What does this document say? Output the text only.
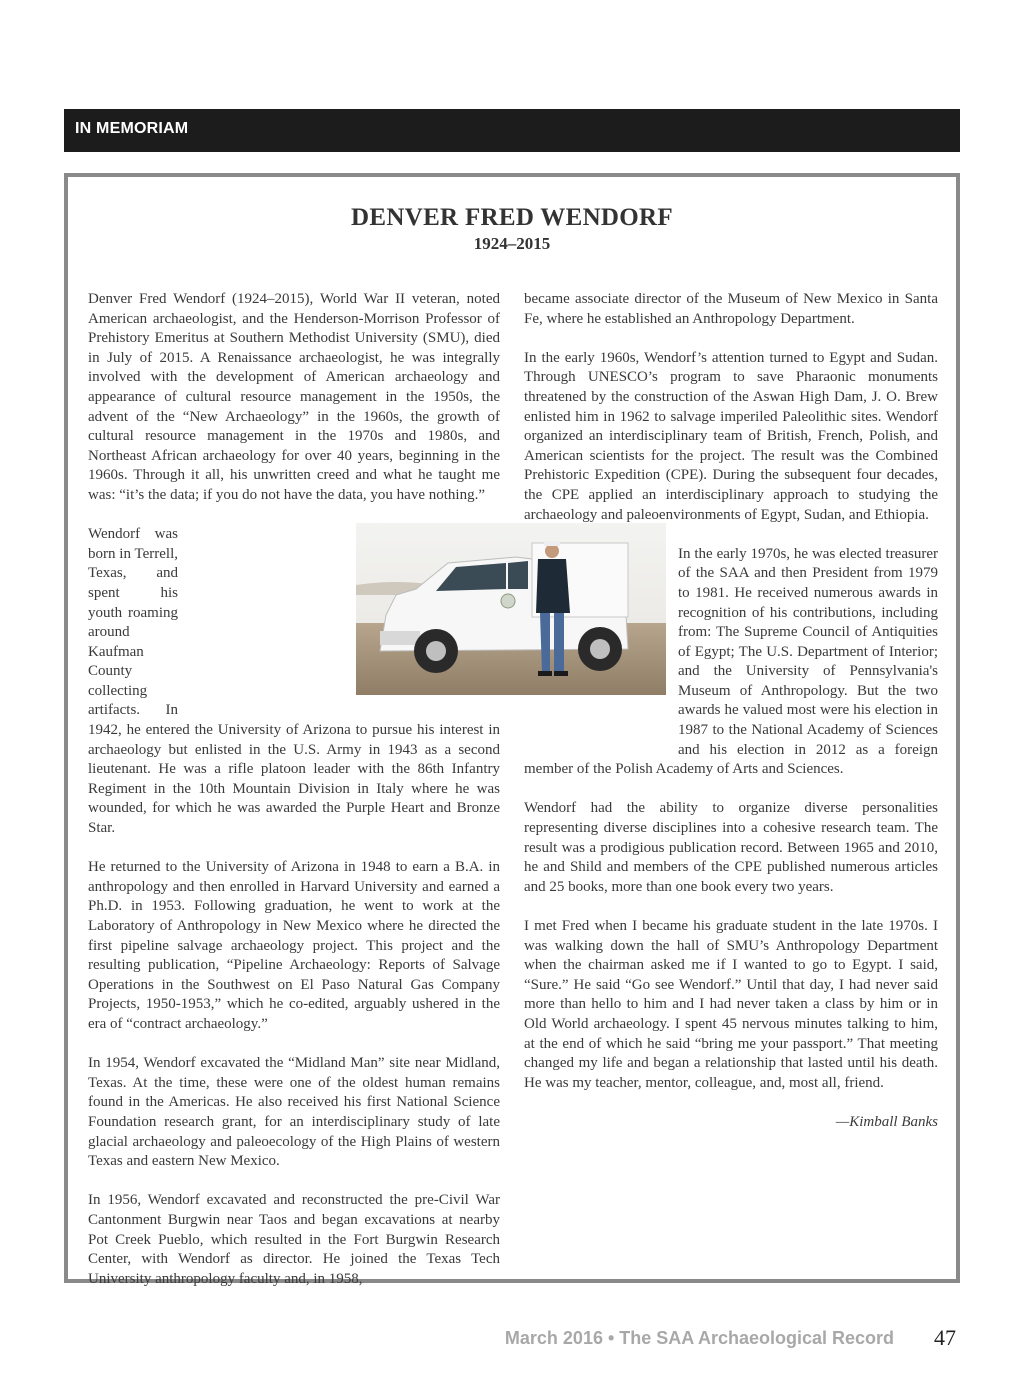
IN MEMORIAM
DENVER FRED WENDORF
1924–2015

Denver Fred Wendorf (1924–2015), World War II veteran, noted American archaeologist, and the Henderson-Morrison Professor of Prehistory Emeritus at Southern Methodist University (SMU), died in July of 2015. A Renaissance archaeologist, he was integrally involved with the development of American archaeology and appearance of cultural resource management in the 1950s, the advent of the “New Archaeology” in the 1960s, the growth of cultural resource management in the 1970s and 1980s, and Northeast African archaeology for over 40 years, beginning in the 1960s. Through it all, his unwritten creed and what he taught me was: “it’s the data; if you do not have the data, you have nothing.”

Wendorf was born in Terrell, Texas, and spent his youth roaming around Kaufman County collecting artifacts. In 1942, he entered the University of Arizona to pursue his interest in archaeology but enlisted in the U.S. Army in 1943 as a second lieutenant. He was a rifle platoon leader with the 86th Infantry Regiment in the 10th Mountain Division in Italy where he was wounded, for which he was awarded the Purple Heart and Bronze Star.

He returned to the University of Arizona in 1948 to earn a B.A. in anthropology and then enrolled in Harvard University and earned a Ph.D. in 1953. Following graduation, he went to work at the Laboratory of Anthropology in New Mexico where he directed the first pipeline salvage archaeology project. This project and the resulting publication, “Pipeline Archaeology: Reports of Salvage Operations in the Southwest on El Paso Natural Gas Company Projects, 1950-1953,” which he co-edited, arguably ushered in the era of “contract archaeology.”

In 1954, Wendorf excavated the “Midland Man” site near Midland, Texas. At the time, these were one of the oldest human remains found in the Americas. He also received his first National Science Foundation research grant, for an interdisciplinary study of late glacial archaeology and paleoecology of the High Plains of western Texas and eastern New Mexico.

In 1956, Wendorf excavated and reconstructed the pre-Civil War Cantonment Burgwin near Taos and began excavations at nearby Pot Creek Pueblo, which resulted in the Fort Burgwin Research Center, with Wendorf as director. He joined the Texas Tech University anthropology faculty and, in 1958,

became associate director of the Museum of New Mexico in Santa Fe, where he established an Anthropology Department.

In the early 1960s, Wendorf’s attention turned to Egypt and Sudan. Through UNESCO’s program to save Pharaonic monuments threatened by the construction of the Aswan High Dam, J. O. Brew enlisted him in 1962 to salvage imperiled Paleolithic sites. Wendorf organized an interdisciplinary team of British, French, Polish, and American scientists for the project. The result was the Combined Prehistoric Expedition (CPE). During the subsequent four decades, the CPE applied an interdisciplinary approach to studying the archaeology and paleoenvironments of Egypt, Sudan, and Ethiopia.

In the early 1970s, he was elected treasurer of the SAA and then President from 1979 to 1981. He received numerous awards in recognition of his contributions, including from: The Supreme Council of Antiquities of Egypt; The U.S. Department of Interior; and the University of Pennsylvania's Museum of Anthropology. But the two awards he valued most were his election in 1987 to the National Academy of Sciences and his election in 2012 as a foreign member of the Polish Academy of Arts and Sciences.

Wendorf had the ability to organize diverse personalities representing diverse disciplines into a cohesive research team. The result was a prodigious publication record. Between 1965 and 2010, he and Shild and members of the CPE published numerous articles and 25 books, more than one book every two years.

I met Fred when I became his graduate student in the late 1970s. I was walking down the hall of SMU’s Anthropology Department when the chairman asked me if I wanted to go to Egypt. I said, “Sure.” He said “Go see Wendorf.” Until that day, I had never said more than hello to him and I had never taken a class by him or in Old World archaeology. I spent 45 nervous minutes talking to him, at the end of which he said “bring me your passport.” That meeting changed my life and began a relationship that lasted until his death. He was my teacher, mentor, colleague, and, most all, friend.

—Kimball Banks

March 2016 • The SAA Archaeological Record 47
